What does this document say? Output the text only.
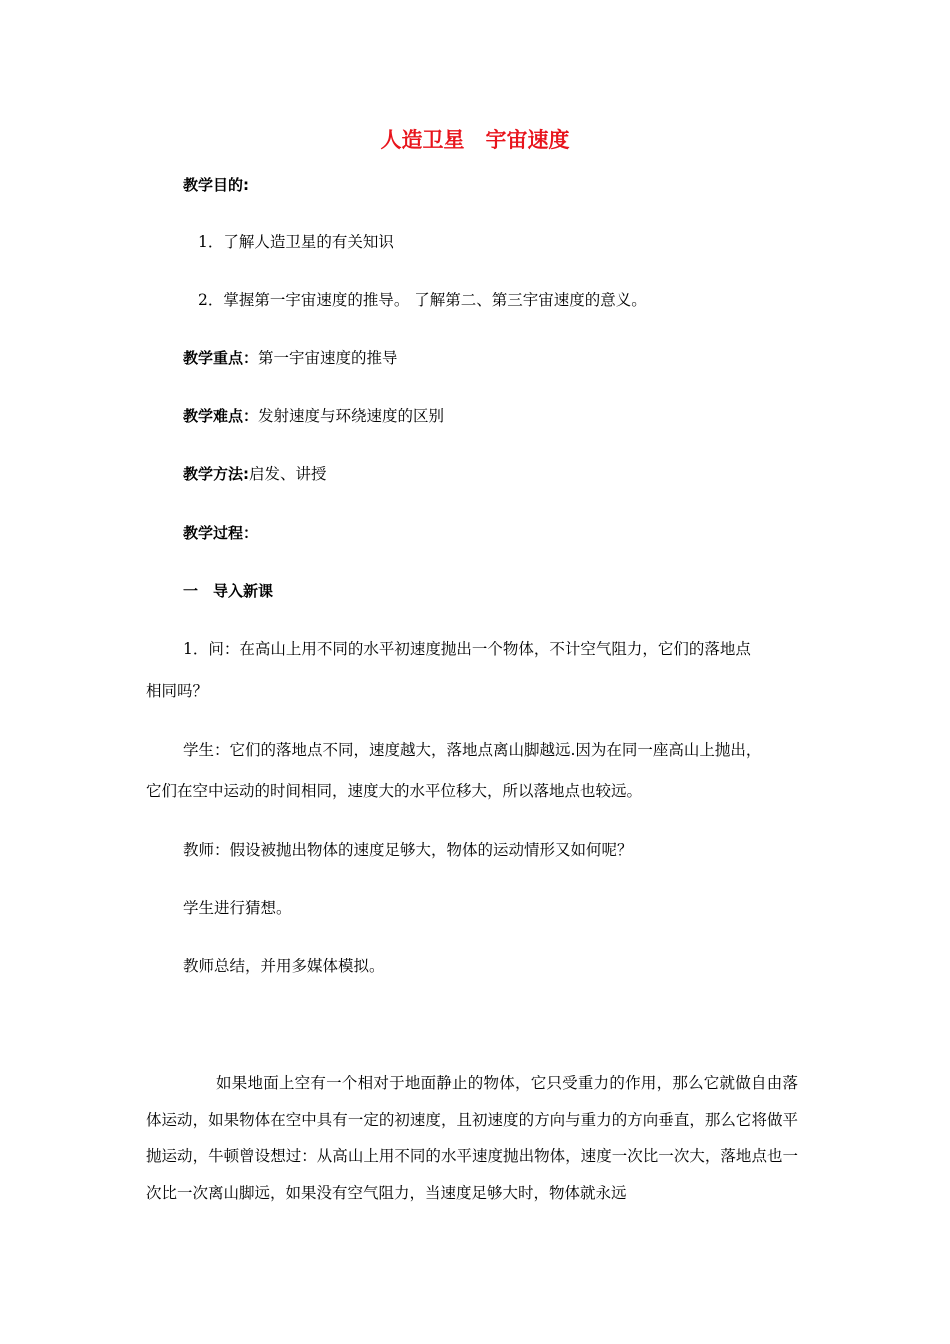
人造卫星　宇宙速度
教学目的:
1．了解人造卫星的有关知识
2．掌握第一宇宙速度的推导。 了解第二、第三宇宙速度的意义。
教学重点：第一宇宙速度的推导
教学难点：发射速度与环绕速度的区别
教学方法:启发、讲授
教学过程：
一　导入新课
1．问：在高山上用不同的水平初速度抛出一个物体，不计空气阻力，它们的落地点
相同吗？
学生：它们的落地点不同，速度越大，落地点离山脚越远.因为在同一座高山上抛出，
它们在空中运动的时间相同，速度大的水平位移大，所以落地点也较远。
教师：假设被抛出物体的速度足够大，物体的运动情形又如何呢？
学生进行猜想。
教师总结，并用多媒体模拟。
如果地面上空有一个相对于地面静止的物体，它只受重力的作用，那么它就做自由落体运动，如果物体在空中具有一定的初速度，且初速度的方向与重力的方向垂直，那么它将做平抛运动，牛顿曾设想过：从高山上用不同的水平速度抛出物体，速度一次比一次大，落地点也一次比一次离山脚远，如果没有空气阻力，当速度足够大时，物体就永远
